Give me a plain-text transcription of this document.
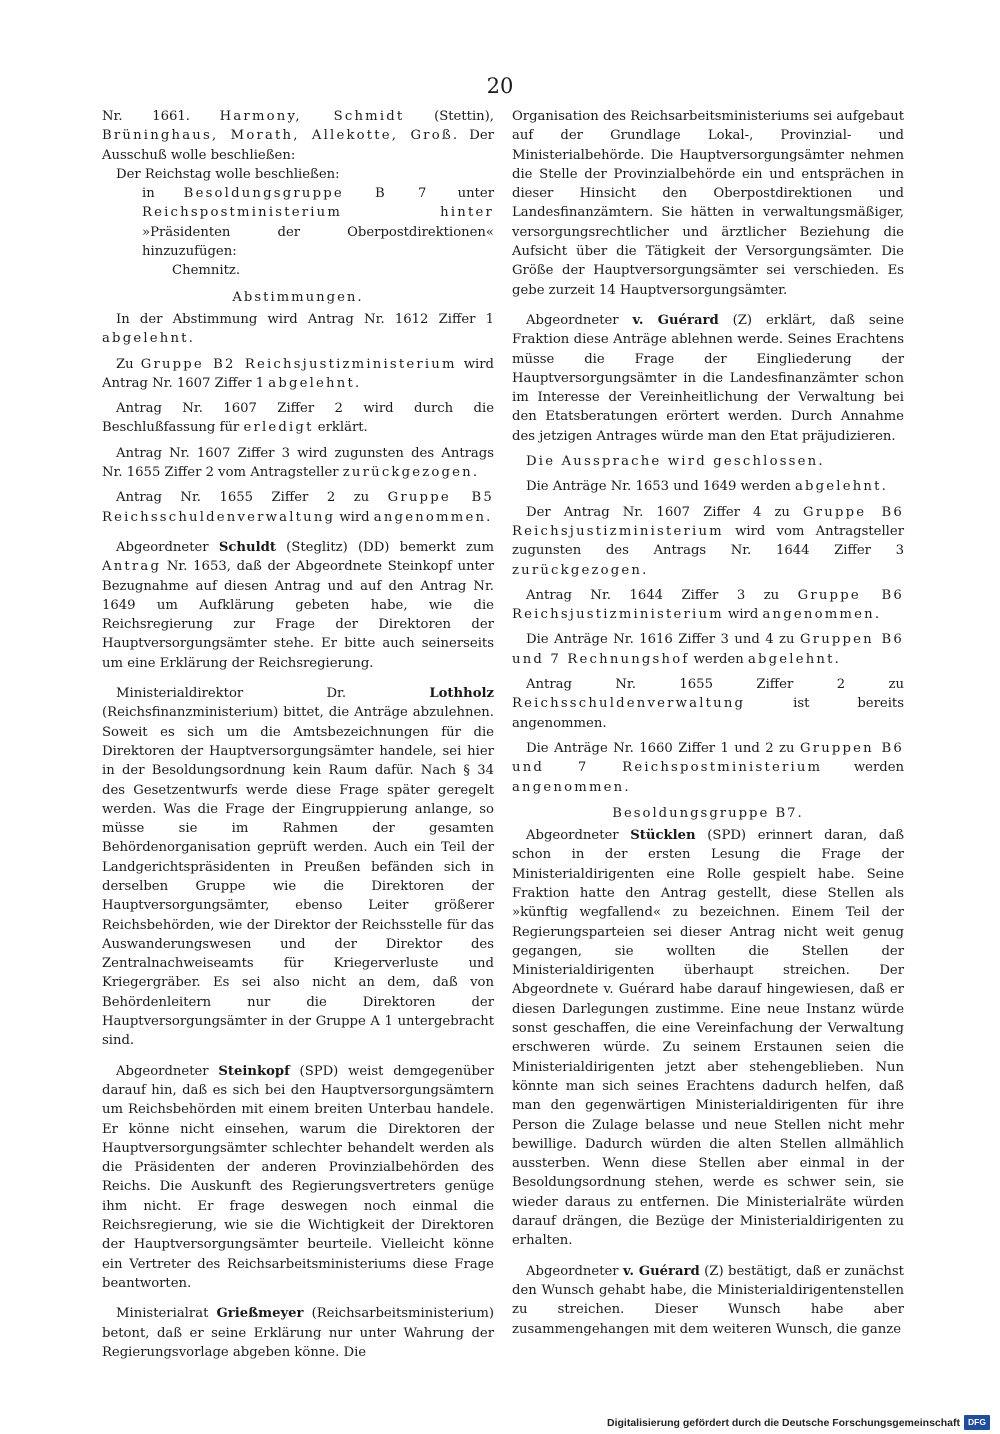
20

Nr. 1661. Harmony, Schmidt (Stettin), Brüninghaus, Morath, Allekotte, Groß. Der Ausschuß wolle beschließen:

Der Reichstag wolle beschließen:

in Besoldungsgruppe B 7 unter Reichspostministerium hinter »Präsidenten der Oberpostdirektionen« hinzuzufügen:

Chemnitz.

Abstimmungen.

In der Abstimmung wird Antrag Nr. 1612 Ziffer 1 abgelehnt.

Zu Gruppe B2 Reichsjustizministerium wird Antrag Nr. 1607 Ziffer 1 abgelehnt.

Antrag Nr. 1607 Ziffer 2 wird durch die Beschlußfassung für erledigt erklärt.

Antrag Nr. 1607 Ziffer 3 wird zugunsten des Antrags Nr. 1655 Ziffer 2 vom Antragsteller zurückgezogen.

Antrag Nr. 1655 Ziffer 2 zu Gruppe B5 Reichsschuldenverwaltung wird angenommen.

Abgeordneter Schuldt (Steglitz) (DD) bemerkt zum Antrag Nr. 1653, daß der Abgeordnete Steinkopf unter Bezugnahme auf diesen Antrag und auf den Antrag Nr. 1649 um Aufklärung gebeten habe, wie die Reichsregierung zur Frage der Direktoren der Hauptversorgungsämter stehe. Er bitte auch seinerseits um eine Erklärung der Reichsregierung.

Ministerialdirektor Dr. Lothholz (Reichsfinanzministerium) bittet, die Anträge abzulehnen. Soweit es sich um die Amtsbezeichnungen für die Direktoren der Hauptversorgungsämter handele, sei hier in der Besoldungsordnung kein Raum dafür. Nach § 34 des Gesetzentwurfs werde diese Frage später geregelt werden. Was die Frage der Eingruppierung anlange, so müsse sie im Rahmen der gesamten Behördenorganisation geprüft werden. Auch ein Teil der Landgerichtspräsidenten in Preußen befänden sich in derselben Gruppe wie die Direktoren der Hauptversorgungsämter, ebenso Leiter größerer Reichsbehörden, wie der Direktor der Reichsstelle für das Auswanderungswesen und der Direktor des Zentralnachweiseamts für Kriegerverluste und Kriegergräber. Es sei also nicht an dem, daß von Behördenleitern nur die Direktoren der Hauptversorgungsämter in der Gruppe A 1 untergebracht sind.

Abgeordneter Steinkopf (SPD) weist demgegenüber darauf hin, daß es sich bei den Hauptversorgungsämtern um Reichsbehörden mit einem breiten Unterbau handele. Er könne nicht einsehen, warum die Direktoren der Hauptversorgungsämter schlechter behandelt werden als die Präsidenten der anderen Provinzialbehörden des Reichs. Die Auskunft des Regierungsvertreters genüge ihm nicht. Er frage deswegen noch einmal die Reichsregierung, wie sie die Wichtigkeit der Direktoren der Hauptversorgungsämter beurteile. Vielleicht könne ein Vertreter des Reichsarbeitsministeriums diese Frage beantworten.

Ministerialrat Grießmeyer (Reichsarbeitsministerium) betont, daß er seine Erklärung nur unter Wahrung der Regierungsvorlage abgeben könne. Die

Organisation des Reichsarbeitsministeriums sei aufgebaut auf der Grundlage Lokal-, Provinzial- und Ministerialbehörde. Die Hauptversorgungsämter nehmen die Stelle der Provinzialbehörde ein und entsprächen in dieser Hinsicht den Oberpostdirektionen und Landesfinanzämtern. Sie hätten in verwaltungsmäßiger, versorgungsrechtlicher und ärztlicher Beziehung die Aufsicht über die Tätigkeit der Versorgungsämter. Die Größe der Hauptversorgungsämter sei verschieden. Es gebe zurzeit 14 Hauptversorgungsämter.

Abgeordneter v. Guérard (Z) erklärt, daß seine Fraktion diese Anträge ablehnen werde. Seines Erachtens müsse die Frage der Eingliederung der Hauptversorgungsämter in die Landesfinanzämter schon im Interesse der Vereinheitlichung der Verwaltung bei den Etatsberatungen erörtert werden. Durch Annahme des jetzigen Antrages würde man den Etat präjudizieren.

Die Aussprache wird geschlossen.

Die Anträge Nr. 1653 und 1649 werden abgelehnt.

Der Antrag Nr. 1607 Ziffer 4 zu Gruppe B6 Reichsjustizministerium wird vom Antragsteller zugunsten des Antrags Nr. 1644 Ziffer 3 zurückgezogen.

Antrag Nr. 1644 Ziffer 3 zu Gruppe B6 Reichsjustizministerium wird angenommen.

Die Anträge Nr. 1616 Ziffer 3 und 4 zu Gruppen B6 und 7 Rechnungshof werden abgelehnt.

Antrag Nr. 1655 Ziffer 2 zu Reichsschuldenverwaltung ist bereits angenommen.

Die Anträge Nr. 1660 Ziffer 1 und 2 zu Gruppen B6 und 7 Reichspostministerium werden angenommen.

Besoldungsgruppe B7.

Abgeordneter Stücklen (SPD) erinnert daran, daß schon in der ersten Lesung die Frage der Ministerialdirigenten eine Rolle gespielt habe. Seine Fraktion hatte den Antrag gestellt, diese Stellen als »künftig wegfallend« zu bezeichnen. Einem Teil der Regierungsparteien sei dieser Antrag nicht weit genug gegangen, sie wollten die Stellen der Ministerialdirigenten überhaupt streichen. Der Abgeordnete v. Guérard habe darauf hingewiesen, daß er diesen Darlegungen zustimme. Eine neue Instanz würde sonst geschaffen, die eine Vereinfachung der Verwaltung erschweren würde. Zu seinem Erstaunen seien die Ministerialdirigenten jetzt aber stehengeblieben. Nun könnte man sich seines Erachtens dadurch helfen, daß man den gegenwärtigen Ministerialdirigenten für ihre Person die Zulage belasse und neue Stellen nicht mehr bewillige. Dadurch würden die alten Stellen allmählich aussterben. Wenn diese Stellen aber einmal in der Besoldungsordnung stehen, werde es schwer sein, sie wieder daraus zu entfernen. Die Ministerialräte würden darauf drängen, die Bezüge der Ministerialdirigenten zu erhalten.

Abgeordneter v. Guérard (Z) bestätigt, daß er zunächst den Wunsch gehabt habe, die Ministerialdirigentenstellen zu streichen. Dieser Wunsch habe aber zusammengehangen mit dem weiteren Wunsch, die ganze

Digitalisierung gefördert durch die Deutsche Forschungsgemeinschaft DFG
